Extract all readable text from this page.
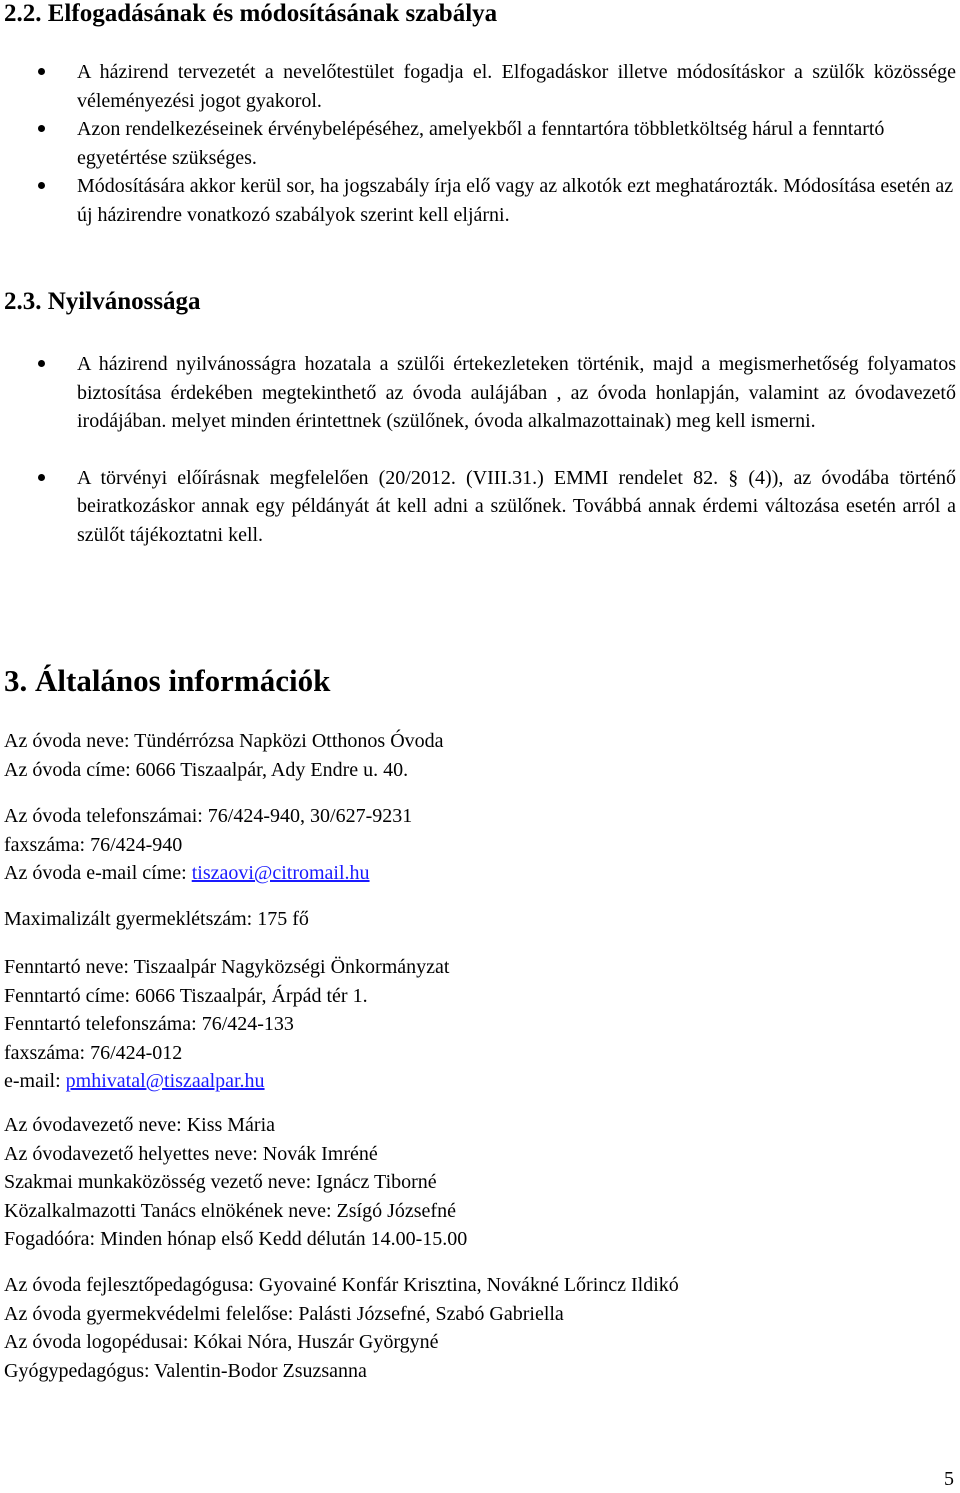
2.2. Elfogadásának és módosításának szabálya
A házirend tervezetét a nevelőtestület fogadja el. Elfogadáskor illetve módosításkor a szülők közössége véleményezési jogot gyakorol.
Azon rendelkezéseinek érvénybelépéséhez, amelyekből a fenntartóra többletköltség hárul a fenntartó egyetértése szükséges.
Módosítására akkor kerül sor, ha jogszabály írja elő vagy az alkotók ezt meghatározták. Módosítása esetén az új házirendre vonatkozó szabályok szerint kell eljárni.
2.3. Nyilvánossága
A házirend nyilvánosságra hozatala a szülői értekezleteken történik, majd a megismerhetőség folyamatos biztosítása érdekében megtekinthető az óvoda aulájában , az óvoda honlapján, valamint az óvodavezető irodájában. melyet minden érintettnek (szülőnek, óvoda alkalmazottainak) meg kell ismerni.
A törvényi előírásnak megfelelően (20/2012. (VIII.31.) EMMI rendelet 82. § (4)), az óvodába történő beiratkozáskor annak egy példányát át kell adni a szülőnek. Továbbá annak érdemi változása esetén arról a szülőt tájékoztatni kell.
3. Általános információk

Az óvoda neve: Tündérrózsa Napközi Otthonos Óvoda

Az óvoda címe: 6066 Tiszaalpár, Ady Endre u. 40.

Az óvoda telefonszámai: 76/424-940, 30/627-9231

faxszáma: 76/424-940

Az óvoda e-mail címe: tiszaovi@citromail.hu

Maximalizált gyermeklétszám: 175 fő

Fenntartó neve: Tiszaalpár Nagyközségi Önkormányzat

Fenntartó címe: 6066 Tiszaalpár, Árpád tér 1.

Fenntartó telefonszáma: 76/424-133

faxszáma: 76/424-012

e-mail: pmhivatal@tiszaalpar.hu

Az óvodavezető neve: Kiss Mária

Az óvodavezető helyettes neve: Novák Imréné

Szakmai munkaközösség vezető neve: Ignácz Tiborné

Közalkalmazotti Tanács elnökének neve: Zsígó Józsefné

Fogadóóra: Minden hónap első Kedd délután 14.00-15.00

Az óvoda fejlesztőpedagógusa: Gyovainé Konfár Krisztina, Novákné Lőrincz Ildikó

Az óvoda gyermekvédelmi felelőse: Palásti Józsefné, Szabó Gabriella

Az óvoda logopédusai: Kókai Nóra, Huszár Györgyné

Gyógypedagógus: Valentin-Bodor Zsuzsanna

5
